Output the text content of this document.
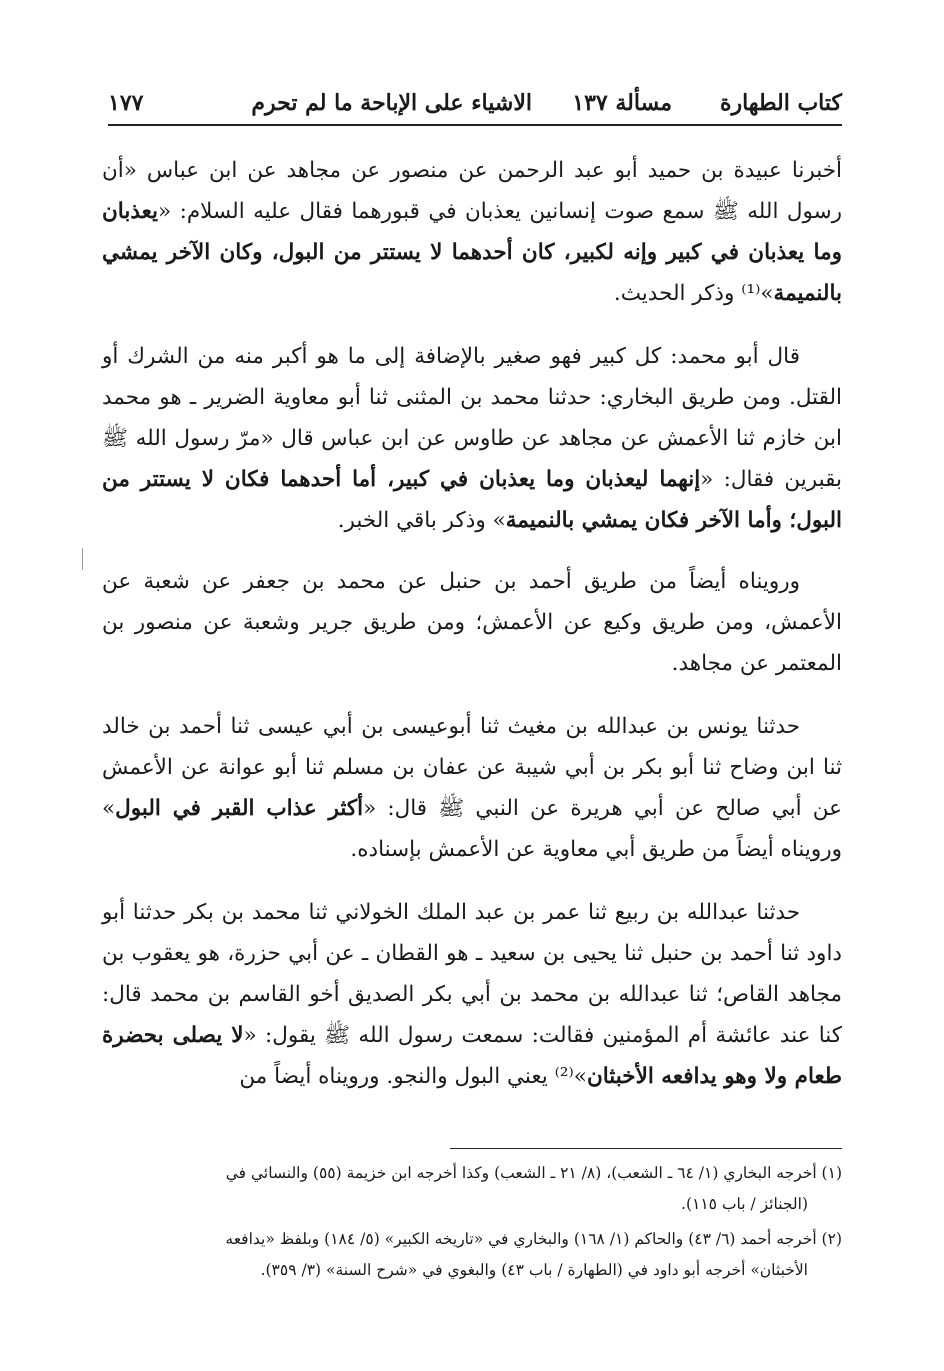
كتاب الطهارة
مسألة ١٣٧
الاشياء على الإباحة ما لم تحرم
١٧٧

أخبرنا عبيدة بن حميد أبو عبد الرحمن عن منصور عن مجاهد عن ابن عباس «أن رسول الله ﷺ سمع صوت إنسانين يعذبان في قبورهما فقال عليه السلام: «يعذبان وما يعذبان في كبير وإنه لكبير، كان أحدهما لا يستتر من البول، وكان الآخر يمشي بالنميمة»⁽¹⁾ وذكر الحديث.

قال أبو محمد: كل كبير فهو صغير بالإضافة إلى ما هو أكبر منه من الشرك أو القتل. ومن طريق البخاري: حدثنا محمد بن المثنى ثنا أبو معاوية الضرير ـ هو محمد ابن خازم ثنا الأعمش عن مجاهد عن طاوس عن ابن عباس قال «مرّ رسول الله ﷺ بقبرين فقال: «إنهما ليعذبان وما يعذبان في كبير، أما أحدهما فكان لا يستتر من البول؛ وأما الآخر فكان يمشي بالنميمة» وذكر باقي الخبر.

ورويناه أيضاً من طريق أحمد بن حنبل عن محمد بن جعفر عن شعبة عن الأعمش، ومن طريق وكيع عن الأعمش؛ ومن طريق جرير وشعبة عن منصور بن المعتمر عن مجاهد.

حدثنا يونس بن عبدالله بن مغيث ثنا أبوعيسى بن أبي عيسى ثنا أحمد بن خالد ثنا ابن وضاح ثنا أبو بكر بن أبي شيبة عن عفان بن مسلم ثنا أبو عوانة عن الأعمش عن أبي صالح عن أبي هريرة عن النبي ﷺ قال: «أكثر عذاب القبر في البول» ورويناه أيضاً من طريق أبي معاوية عن الأعمش بإسناده.

حدثنا عبدالله بن ربيع ثنا عمر بن عبد الملك الخولاني ثنا محمد بن بكر حدثنا أبو داود ثنا أحمد بن حنبل ثنا يحيى بن سعيد ـ هو القطان ـ عن أبي حزرة، هو يعقوب بن مجاهد القاص؛ ثنا عبدالله بن محمد بن أبي بكر الصديق أخو القاسم بن محمد قال: كنا عند عائشة أم المؤمنين فقالت: سمعت رسول الله ﷺ يقول: «لا يصلى بحضرة طعام ولا وهو يدافعه الأخبثان»⁽²⁾ يعني البول والنجو. ورويناه أيضاً من

(١) أخرجه البخاري (١/ ٦٤ ـ الشعب)، (٨/ ٢١ ـ الشعب) وكذا أخرجه ابن خزيمة (٥٥) والنسائي في
(الجنائز / باب ١١٥).
(٢) أخرجه أحمد (٦/ ٤٣) والحاكم (١/ ١٦٨) والبخاري في «تاريخه الكبير» (٥/ ١٨٤) وبلفظ «يدافعه
الأخبثان» أخرجه أبو داود في (الطهارة / باب ٤٣) والبغوي في «شرح السنة» (٣/ ٣٥٩).
